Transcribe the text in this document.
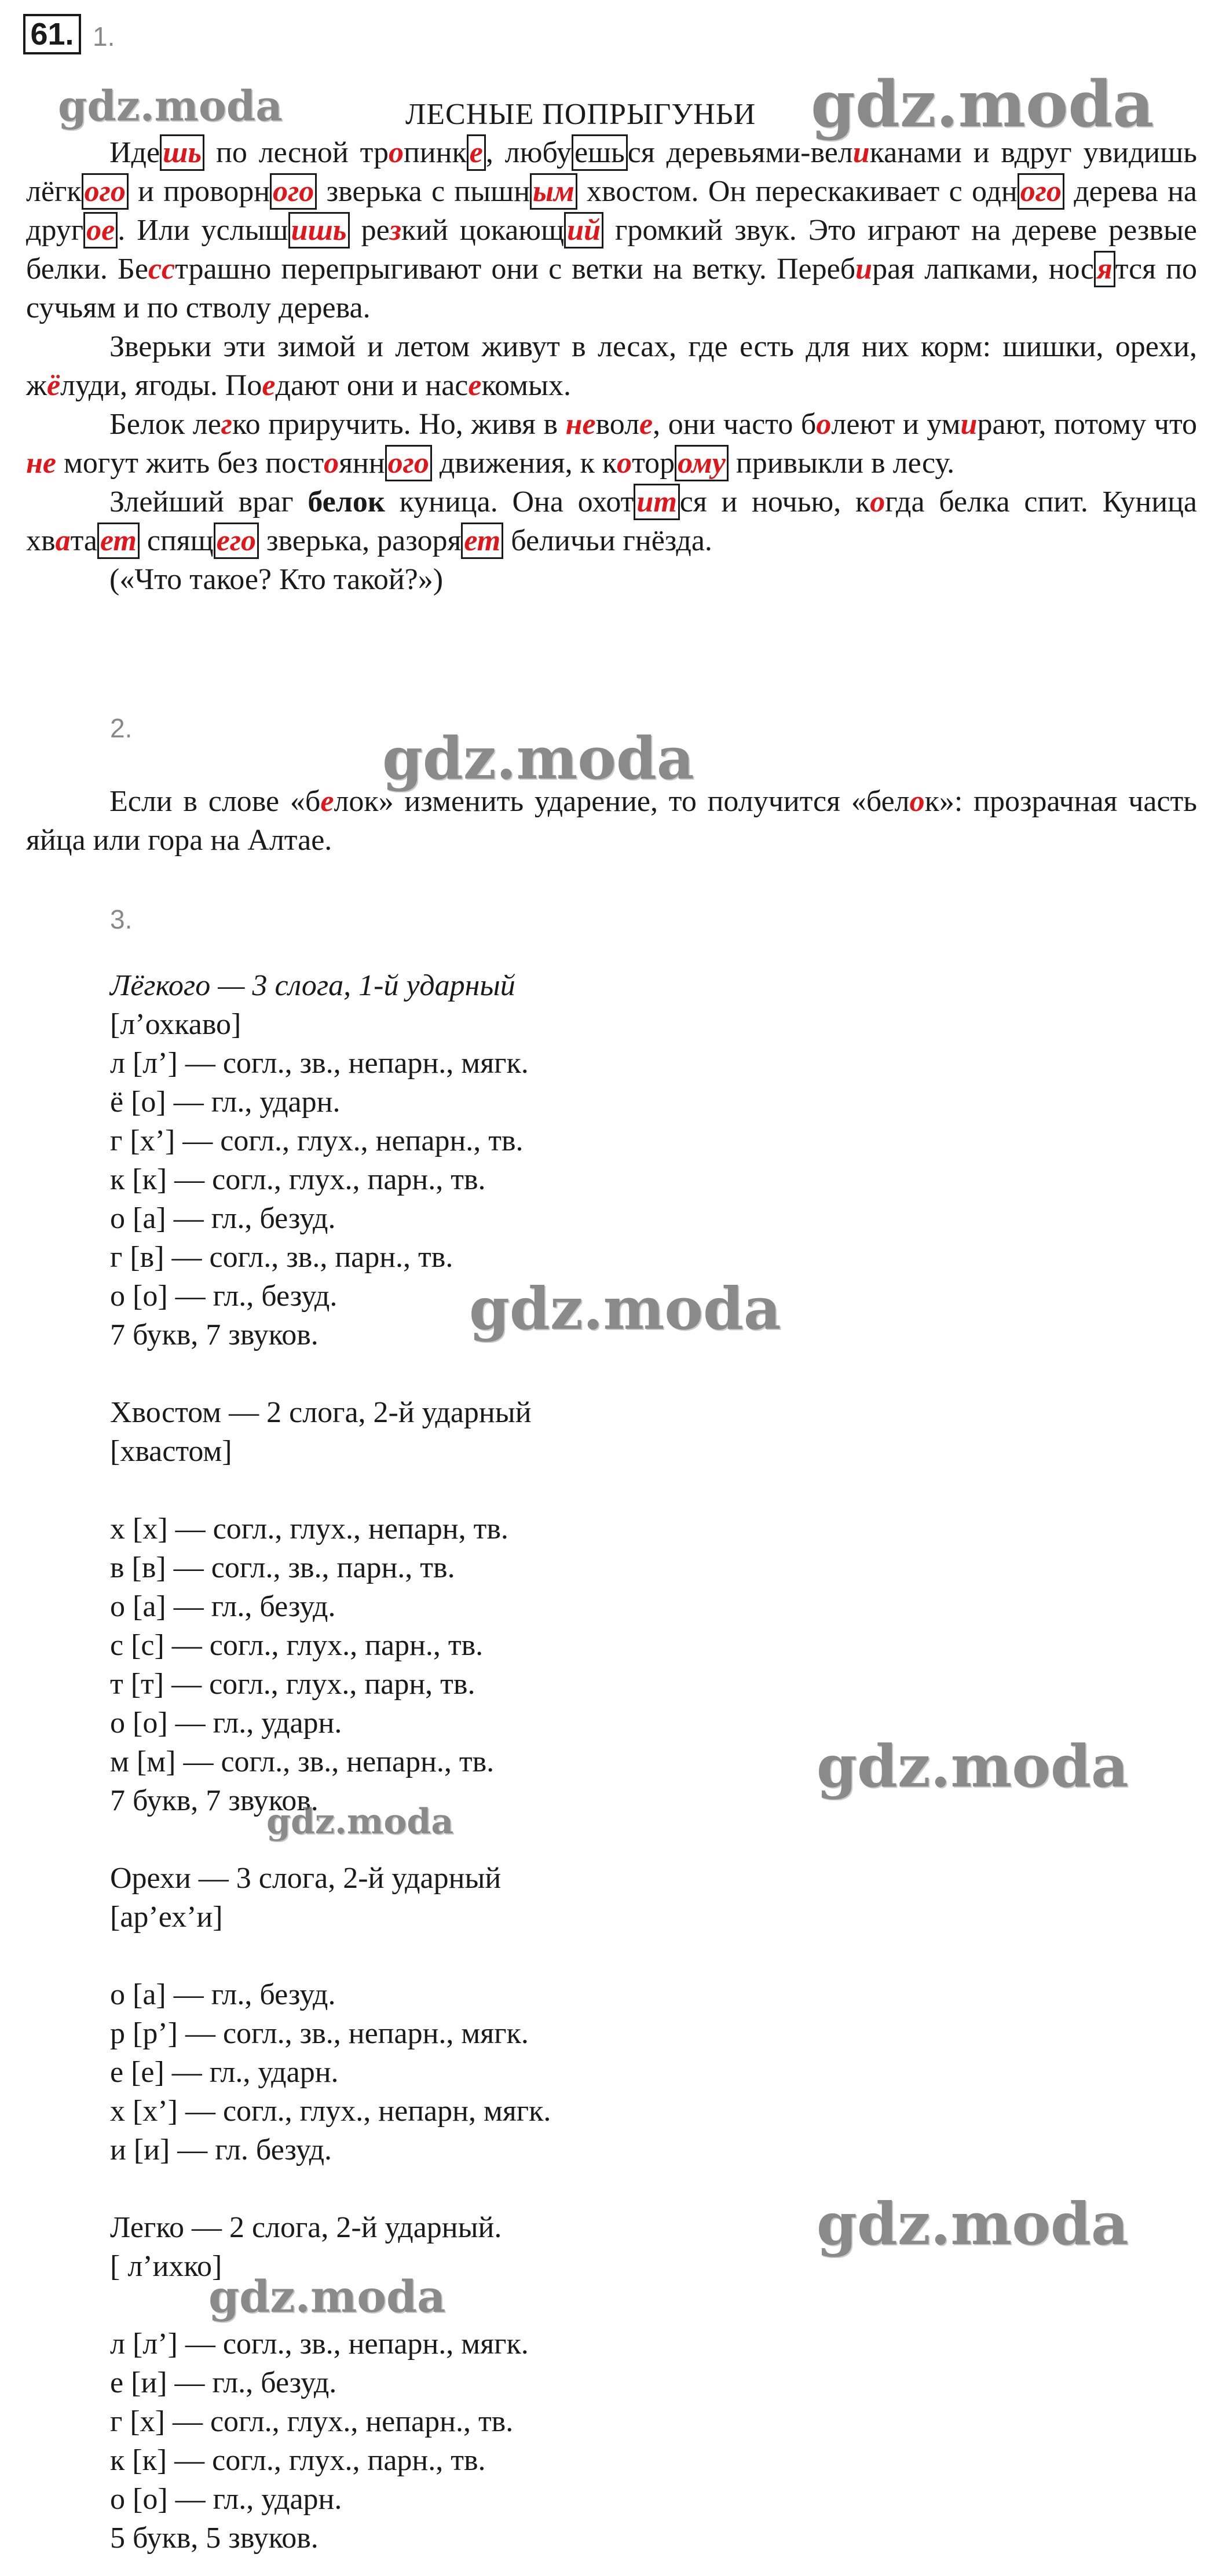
61. 1.
ЛЕСНЫЕ ПОПРЫГУНЬИ

Идешь по лесной тропинке, любуешься деревьями-великанами и вдруг увидишь лёгкого и проворного зверька с пышным хвостом. Он перескакивает с одного дерева на другое. Или услышишь резкий цокающий громкий звук. Это играют на дереве резвые белки. Бесстрашно перепрыгивают они с ветки на ветку. Перебирая лапками, носятся по сучьям и по стволу дерева.

Зверьки эти зимой и летом живут в лесах, где есть для них корм: шишки, орехи, жёлуди, ягоды. Поедают они и насекомых.

Белок легко приручить. Но, живя в неволе, они часто болеют и умирают, потому что не могут жить без постоянного движения, к которому привыкли в лесу.

Злейший враг белок куница. Она охотится и ночью, когда белка спит. Куница хватает спящего зверька, разоряет беличьи гнёзда.

(«Что такое? Кто такой?»)

2.

Если в слове «белок» изменить ударение, то получится «белок»: прозрачная часть яйца или гора на Алтае.

3.
Лёгкого — 3 слога, 1-й ударный
[л’охкаво]
л [л’] — согл., зв., непарн., мягк.
ё [о] — гл., ударн.
г [х’] — согл., глух., непарн., тв.
к [к] — согл., глух., парн., тв.
о [а] — гл., безуд.
г [в] — согл., зв., парн., тв.
о [о] — гл., безуд.
7 букв, 7 звуков.
Хвостом — 2 слога, 2-й ударный
[хвастом]
х [х] — согл., глух., непарн, тв.
в [в] — согл., зв., парн., тв.
о [а] — гл., безуд.
с [с] — согл., глух., парн., тв.
т [т] — согл., глух., парн, тв.
о [о] — гл., ударн.
м [м] — согл., зв., непарн., тв.
7 букв, 7 звуков.
Орехи — 3 слога, 2-й ударный
[ар’ех’и]
о [а] — гл., безуд.
р [р’] — согл., зв., непарн., мягк.
е [е] — гл., ударн.
х [х’] — согл., глух., непарн, мягк.
и [и] — гл. безуд.
Легко — 2 слога, 2-й ударный.
[ л’ихко]
л [л’] — согл., зв., непарн., мягк.
е [и] — гл., безуд.
г [х] — согл., глух., непарн., тв.
к [к] — согл., глух., парн., тв.
о [о] — гл., ударн.
5 букв, 5 звуков.
gdz.moda	gdz.moda
gdz.moda
gdz.moda
gdz.moda
gdz.moda
gdz.moda
gdz.moda
